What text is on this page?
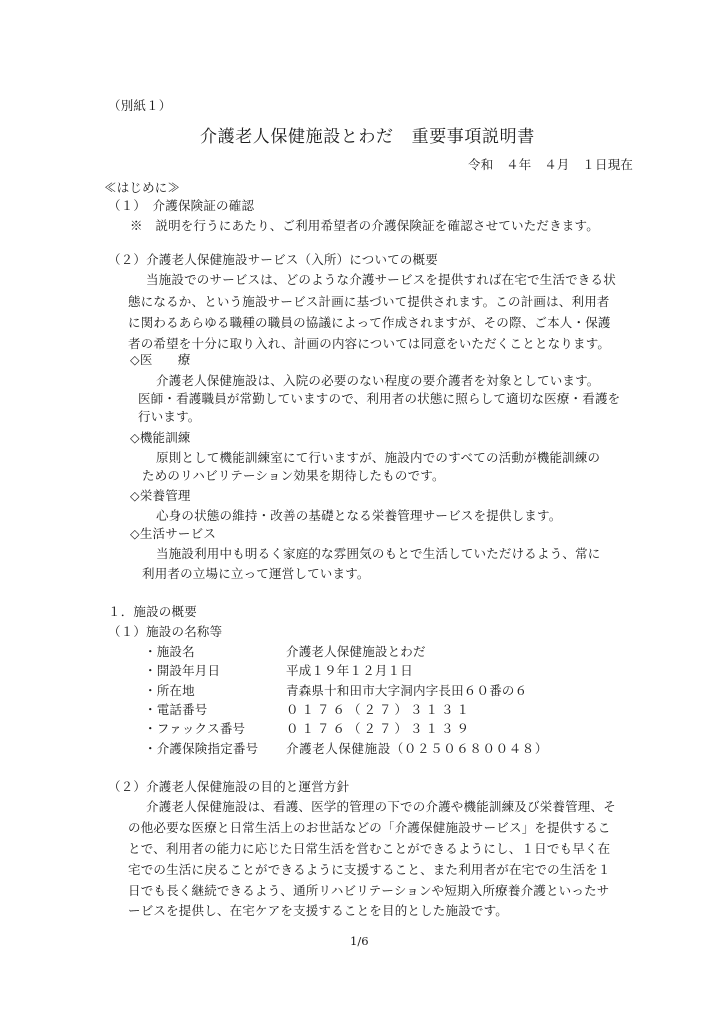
（別紙１）
介護老人保健施設とわだ 重要事項説明書
令和　４年　４月　１日現在
≪はじめに≫
（１）　介護保険証の確認
※　説明を行うにあたり、ご利用希望者の介護保険証を確認させていただきます。
（２）介護老人保健施設サービス（入所）についての概要
当施設でのサービスは、どのような介護サービスを提供すれば在宅で生活できる状
態になるか、という施設サービス計画に基づいて提供されます。この計画は、利用者
に関わるあらゆる職種の職員の協議によって作成されますが、その際、ご本人・保護
者の希望を十分に取り入れ、計画の内容については同意をいただくこととなります。
◇医　　療
介護老人保健施設は、入院の必要のない程度の要介護者を対象としています。
医師・看護職員が常勤していますので、利用者の状態に照らして適切な医療・看護を
行います。
◇機能訓練
原則として機能訓練室にて行いますが、施設内でのすべての活動が機能訓練の
ためのリハビリテーション効果を期待したものです。
◇栄養管理
心身の状態の維持・改善の基礎となる栄養管理サービスを提供します。
◇生活サービス
当施設利用中も明るく家庭的な雰囲気のもとで生活していただけるよう、常に
利用者の立場に立って運営しています。
１．施設の概要
（１）施設の名称等
・施設名	介護老人保健施設とわだ
・開設年月日	平成１９年１２月１日
・所在地	青森県十和田市大字洞内字長田６０番の６
・電話番号	０１７６（２７）３１３１
・ファックス番号	０１７６（２７）３１３９
・介護保険指定番号 介護老人保健施設（０２５０６８００４８）
（２）介護老人保健施設の目的と運営方針
介護老人保健施設は、看護、医学的管理の下での介護や機能訓練及び栄養管理、そ
の他必要な医療と日常生活上のお世話などの「介護保健施設サービス」を提供するこ
とで、利用者の能力に応じた日常生活を営むことができるようにし、１日でも早く在
宅での生活に戻ることができるように支援すること、また利用者が在宅での生活を１
日でも長く継続できるよう、通所リハビリテーションや短期入所療養介護といったサ
ービスを提供し、在宅ケアを支援することを目的とした施設です。
1/6
